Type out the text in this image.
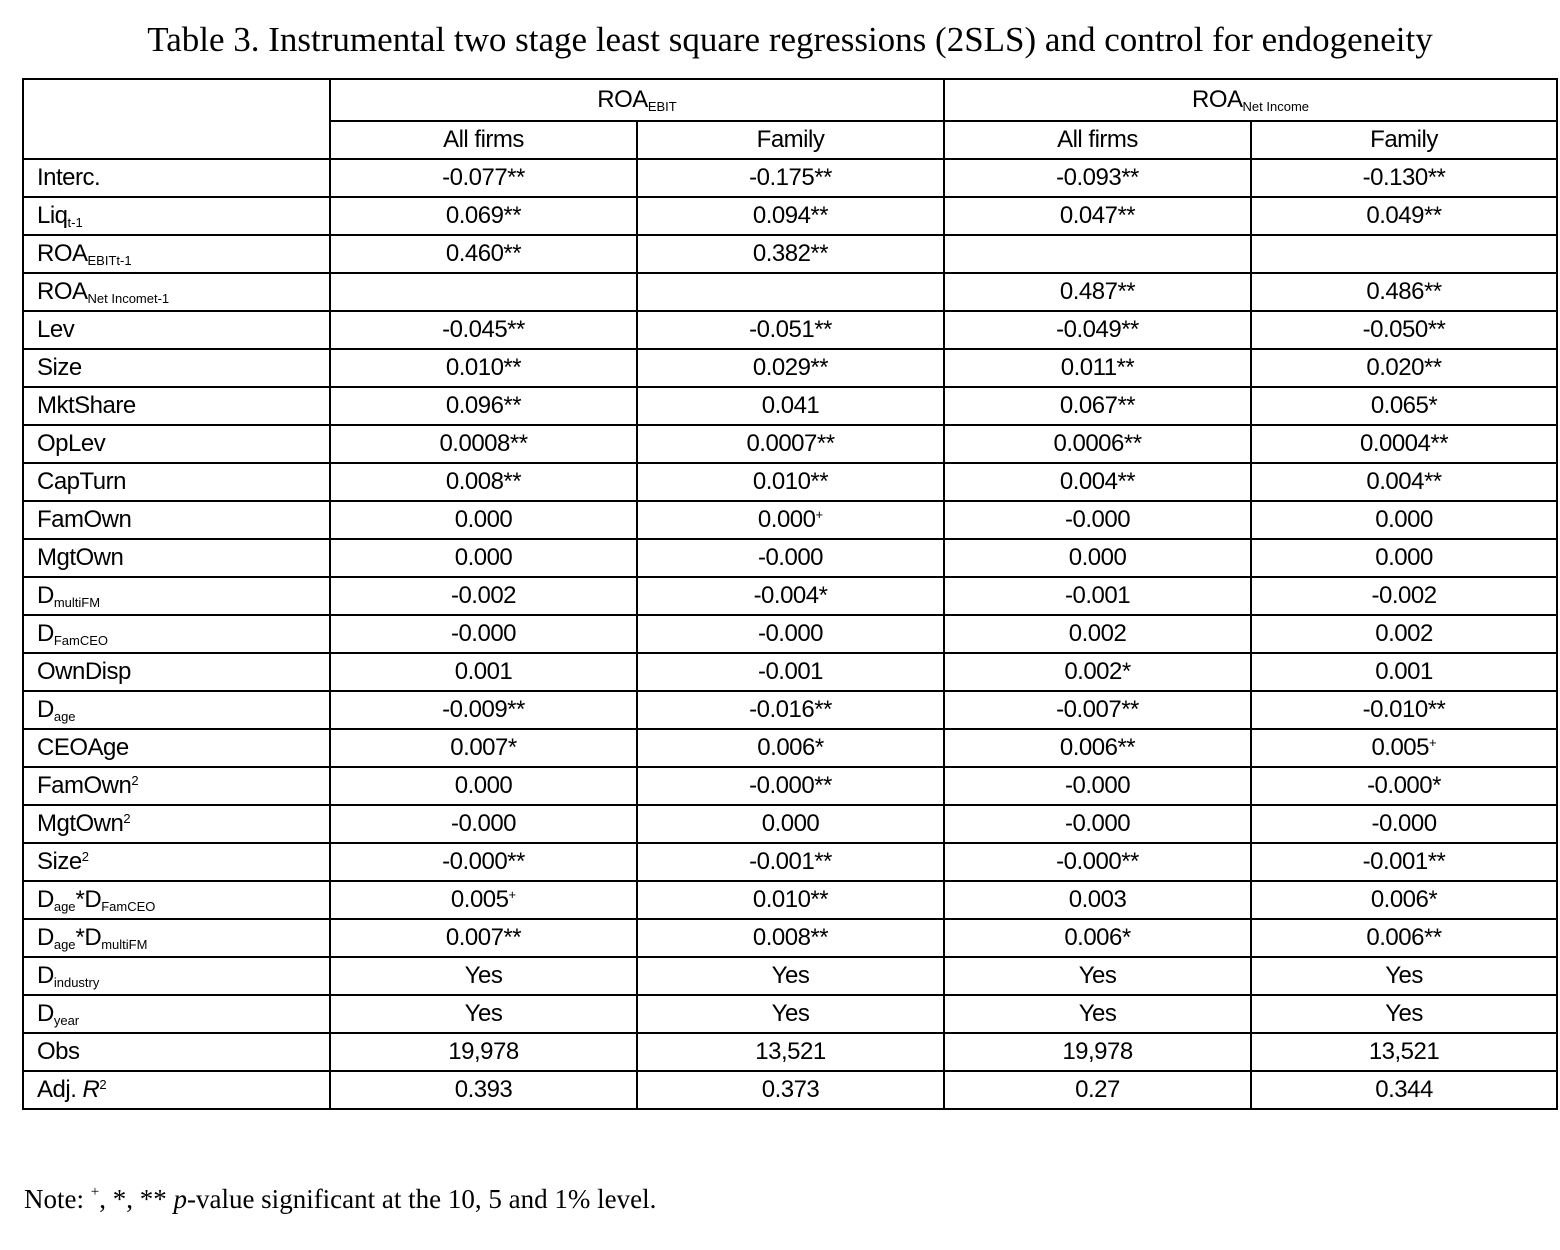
Table 3. Instrumental two stage least square regressions (2SLS) and control for endogeneity
	$ROA_{EBIT}$		$ROA_{Net Income}$
	All firms	Family	All firms	Family
Interc.	-0.077**	-0.175**	-0.093**	-0.130**
Liq$_{t-1}$	0.069**	0.094**	0.047**	0.049**
$ROA_{EBITt-1}$	0.460**	0.382**		
$ROA_{Net Incomet-1}$			0.487**	0.486**
Lev	-0.045**	-0.051**	-0.049**	-0.050**
Size	0.010**	0.029**	0.011**	0.020**
MktShare	0.096**	0.041	0.067**	0.065*
OpLev	0.0008**	0.0007**	0.0006**	0.0004**
CapTurn	0.008**	0.010**	0.004**	0.004**
FamOwn	0.000	0.000+	-0.000	0.000
MgtOwn	0.000	-0.000	0.000	0.000
$D_{multiFM}$	-0.002	-0.004*	-0.001	-0.002
$D_{FamCEO}$	-0.000	-0.000	0.002	0.002
OwnDisp	0.001	-0.001	0.002*	0.001
$D_{age}$	-0.009**	-0.016**	-0.007**	-0.010**
CEOAge	0.007*	0.006*	0.006**	0.005+
FamOwn$^2$	0.000	-0.000**	-0.000	-0.000*
MgtOwn$^2$	-0.000	0.000	-0.000	-0.000
Size$^2$	-0.000**	-0.001**	-0.000**	-0.001**
$D_{age}*D_{FamCEO}$	0.005+	0.010**	0.003	0.006*
$D_{age}*D_{multiFM}$	0.007**	0.008**	0.006*	0.006**
$D_{industry}$	Yes	Yes	Yes	Yes
$D_{year}$	Yes	Yes	Yes	Yes
Obs	19,978	13,521	19,978	13,521
Adj. $R^2$	0.393	0.373	0.27	0.344
Note: +, *, ** p-value significant at the 10, 5 and 1% level.
